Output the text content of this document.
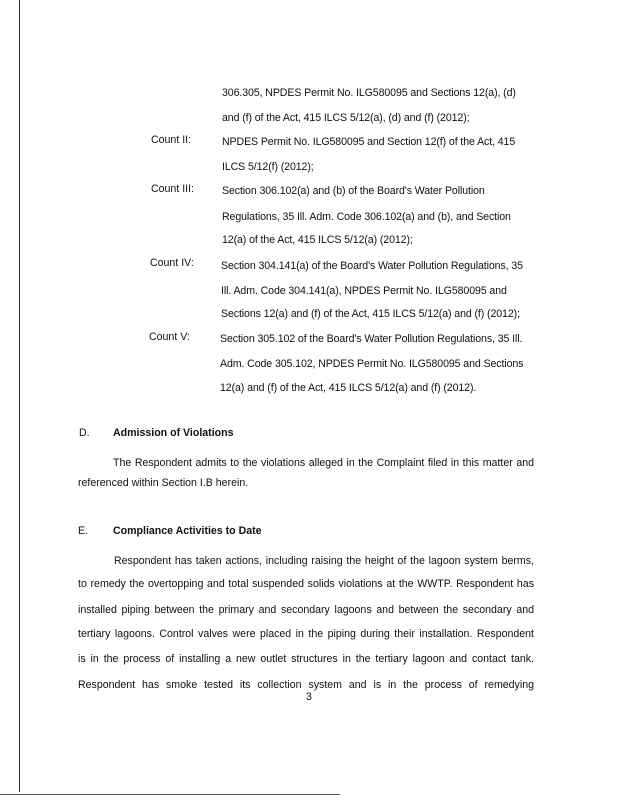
306.305, NPDES Permit No. ILG580095 and Sections 12(a), (d)
and (f) of the Act, 415 ILCS 5/12(a), (d) and (f) (2012);
Count II:	NPDES Permit No. ILG580095 and Section 12(f) of the Act, 415
ILCS 5/12(f) (2012);
Count III:	Section 306.102(a) and (b) of the Board's Water Pollution
Regulations, 35 Ill. Adm. Code 306.102(a) and (b), and Section
12(a) of the Act, 415 ILCS 5/12(a) (2012);
Count IV:	Section 304.141(a) of the Board's Water Pollution Regulations, 35
Ill. Adm. Code 304.141(a), NPDES Permit No. ILG580095 and
Sections 12(a) and (f) of the Act, 415 ILCS 5/12(a) and (f) (2012);
Count V:	Section 305.102 of the Board's Water Pollution Regulations, 35 Ill.
Adm. Code 305.102, NPDES Permit No. ILG580095 and Sections
12(a) and (f) of the Act, 415 ILCS 5/12(a) and (f) (2012).
D. Admission of Violations
The Respondent admits to the violations alleged in the Complaint filed in this matter and
referenced within Section I.B herein.
E. Compliance Activities to Date
Respondent has taken actions, including raising the height of the lagoon system berms,
to remedy the overtopping and total suspended solids violations at the WWTP. Respondent has
installed piping between the primary and secondary lagoons and between the secondary and
tertiary lagoons. Control valves were placed in the piping during their installation. Respondent
is in the process of installing a new outlet structures in the tertiary lagoon and contact tank.
Respondent has smoke tested its collection system and is in the process of remedying
3
